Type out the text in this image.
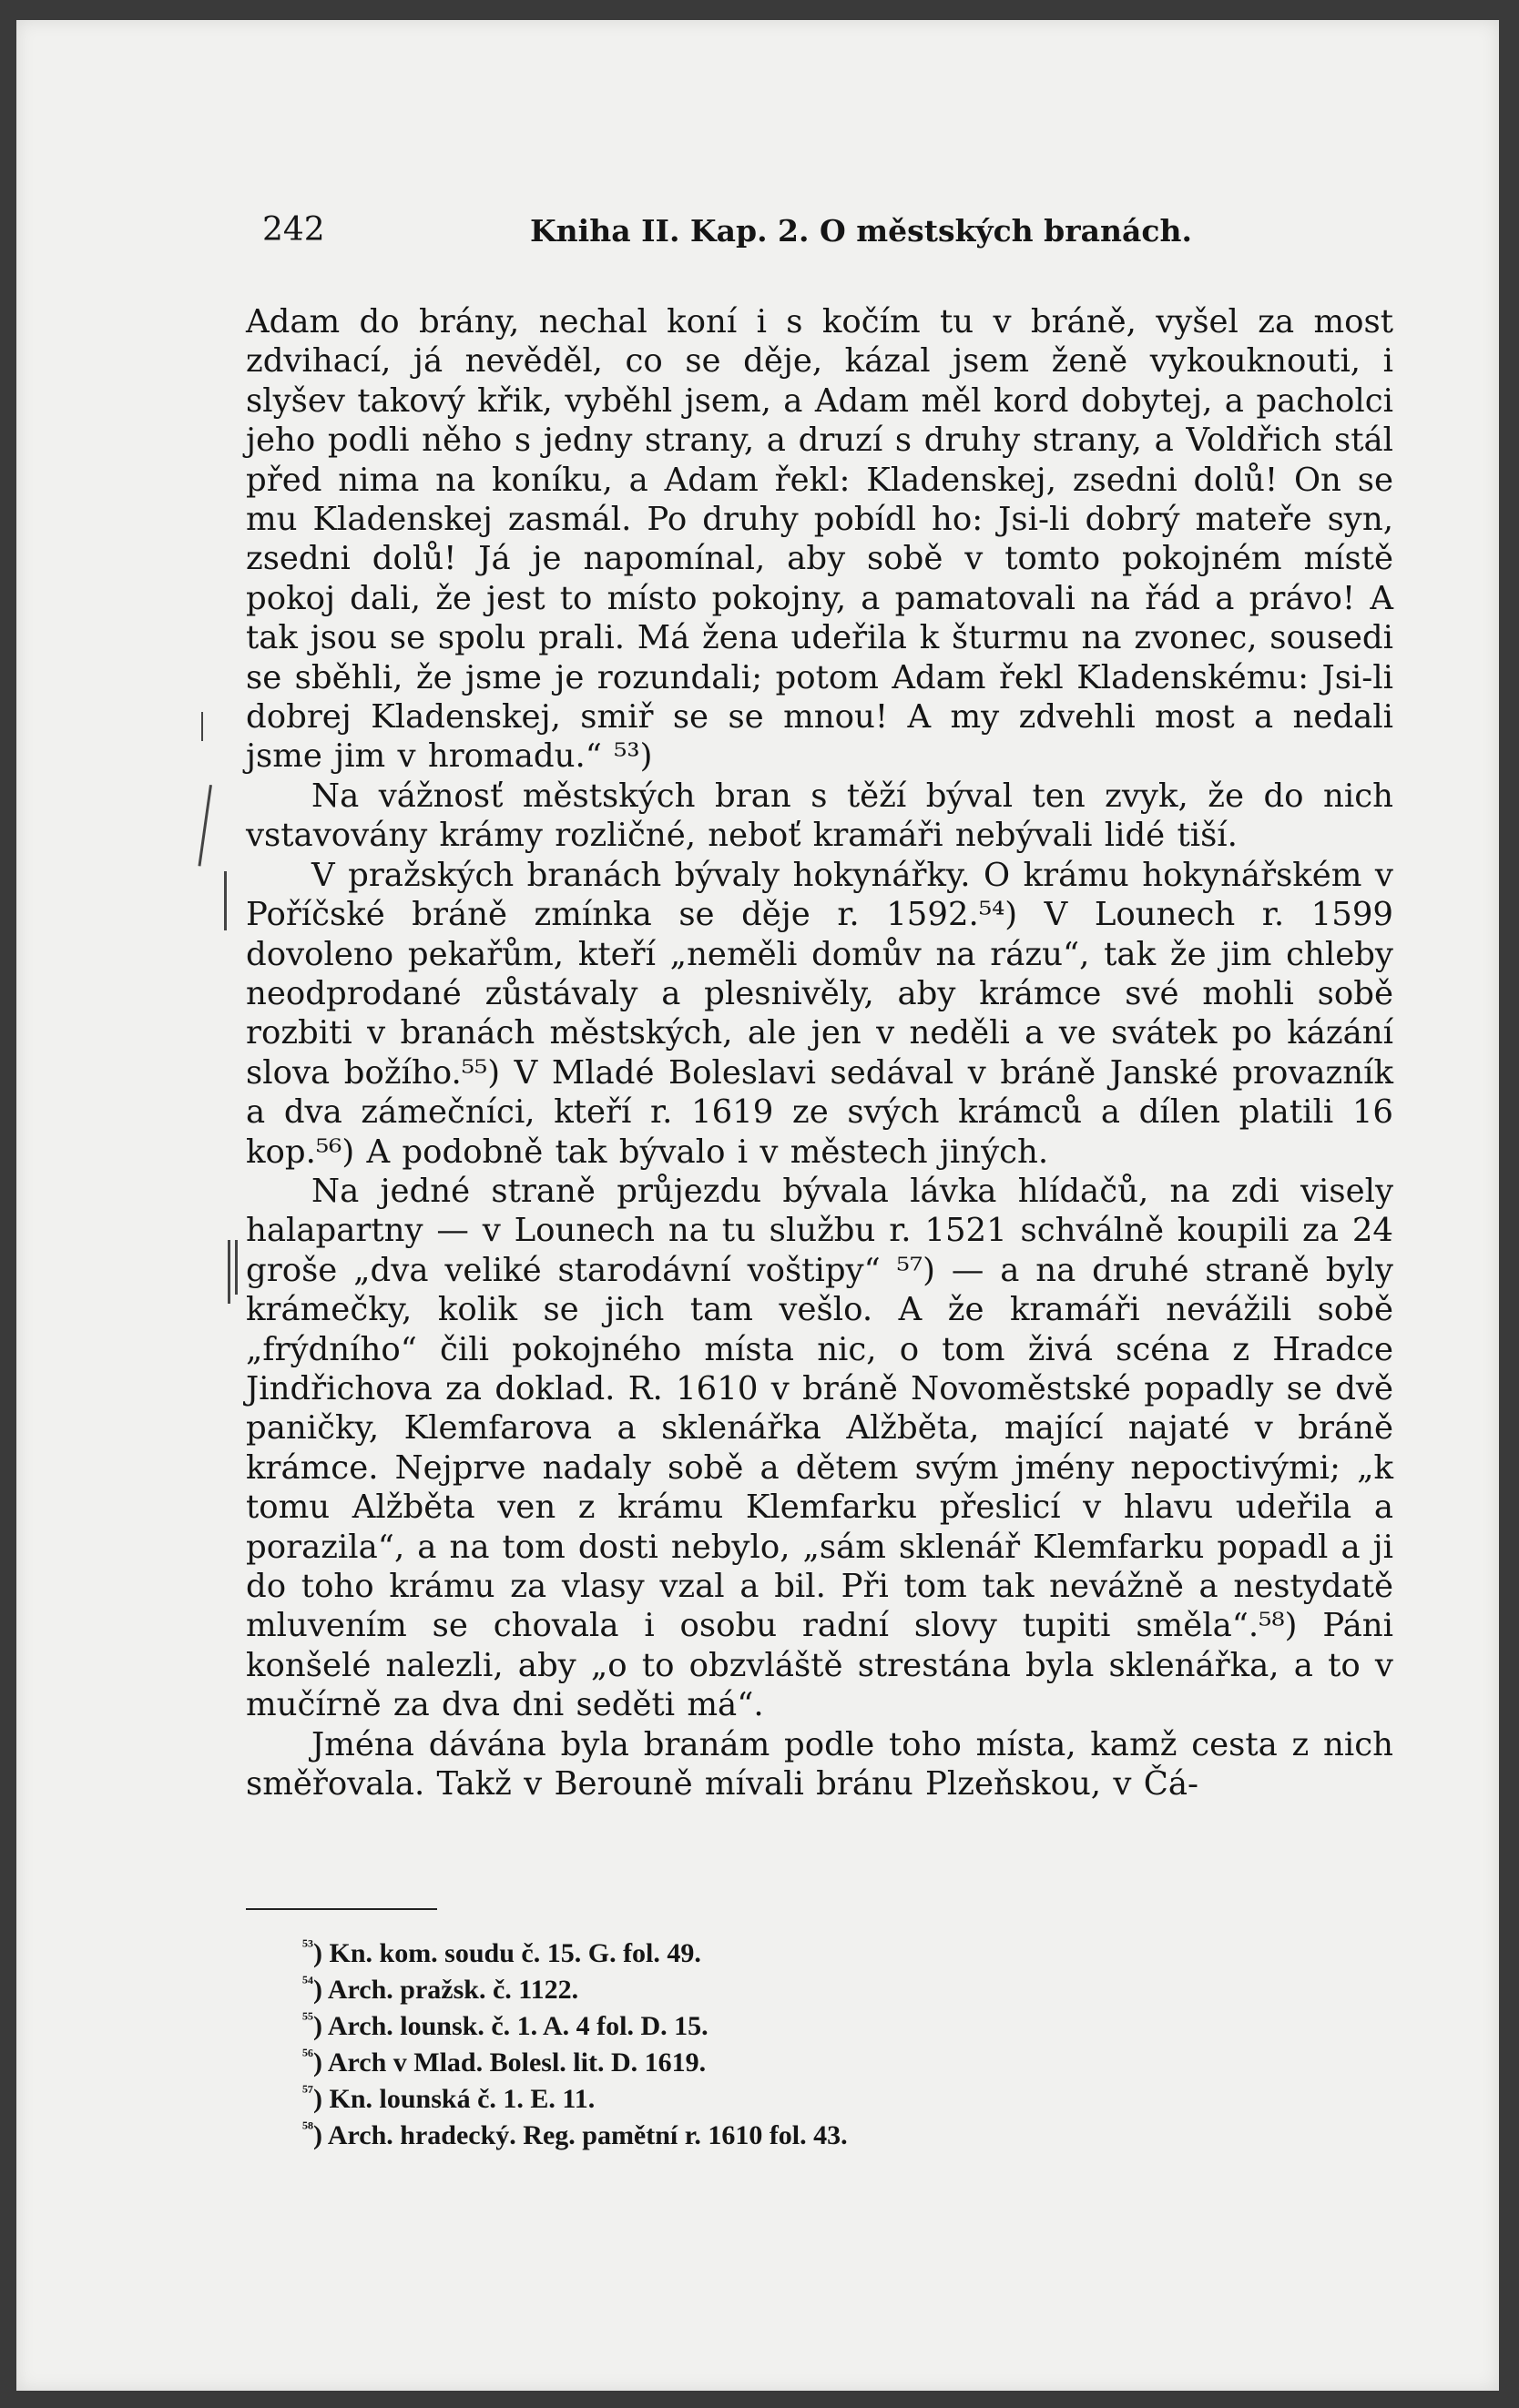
242	Kniha II. Kap. 2. O městských branách.

Adam do brány, nechal koní i s kočím tu v bráně, vyšel za most zdvihací, já nevěděl, co se děje, kázal jsem ženě vykouknouti, i slyšev takový křik, vyběhl jsem, a Adam měl kord dobytej, a pacholci jeho podli něho s jedny strany, a druzí s druhy strany, a Voldřich stál před nima na koníku, a Adam řekl: Kladenskej, zsedni dolů! On se mu Kladenskej zasmál. Po druhy pobídl ho: Jsi-li dobrý mateře syn, zsedni dolů! Já je napomínal, aby sobě v tomto pokojném místě pokoj dali, že jest to místo pokojny, a pamatovali na řád a právo! A tak jsou se spolu prali. Má žena udeřila k šturmu na zvonec, sousedi se sběhli, že jsme je rozundali; potom Adam řekl Kladenskému: Jsi-li dobrej Kladenskej, smiř se se mnou! A my zdvehli most a nedali jsme jim v hromadu.“ ⁵³)

Na vážnosť městských bran s těží býval ten zvyk, že do nich vstavovány krámy rozličné, neboť kramáři nebývali lidé tiší.

V pražských branách bývaly hokynářky. O krámu hokynářském v Poříčské bráně zmínka se děje r. 1592.⁵⁴) V Lounech r. 1599 dovoleno pekařům, kteří „neměli domův na rázu“, tak že jim chleby neodprodané zůstávaly a plesnivěly, aby krámce své mohli sobě rozbiti v branách městských, ale jen v neděli a ve svátek po kázání slova božího.⁵⁵) V Mladé Boleslavi sedával v bráně Janské provazník a dva zámečníci, kteří r. 1619 ze svých krámců a dílen platili 16 kop.⁵⁶) A podobně tak bývalo i v městech jiných.

Na jedné straně průjezdu bývala lávka hlídačů, na zdi visely halapartny — v Lounech na tu službu r. 1521 schválně koupili za 24 groše „dva veliké starodávní voštipy“ ⁵⁷) — a na druhé straně byly krámečky, kolik se jich tam vešlo. A že kramáři nevážili sobě „frýdního“ čili pokojného místa nic, o tom živá scéna z Hradce Jindřichova za doklad. R. 1610 v bráně Novoměstské popadly se dvě paničky, Klemfarova a sklenářka Alžběta, mající najaté v bráně krámce. Nejprve nadaly sobě a dětem svým jmény nepoctivými; „k tomu Alžběta ven z krámu Klemfarku přeslicí v hlavu udeřila a porazila“, a na tom dosti nebylo, „sám sklenář Klemfarku popadl a ji do toho krámu za vlasy vzal a bil. Při tom tak nevážně a nestydatě mluvením se chovala i osobu radní slovy tupiti směla“.⁵⁸) Páni konšelé nalezli, aby „o to obzvláště strestána byla sklenářka, a to v mučírně za dva dni seděti má“.

Jména dávána byla branám podle toho místa, kamž cesta z nich směřovala. Takž v Berouně mívali bránu Plzeňskou, v Čá-

$^{^{53}}$) Kn. kom. soudu č. 15. G. fol. 49.
$^{^{54}}$) Arch. pražsk. č. 1122.
$^{^{55}}$) Arch. lounsk. č. 1. A. 4 fol. D. 15.
$^{^{56}}$) Arch v Mlad. Bolesl. lit. D. 1619.
$^{^{57}}$) Kn. lounská č. 1. E. 11.
$^{^{58}}$) Arch. hradecký. Reg. pamětní r. 1610 fol. 43.
